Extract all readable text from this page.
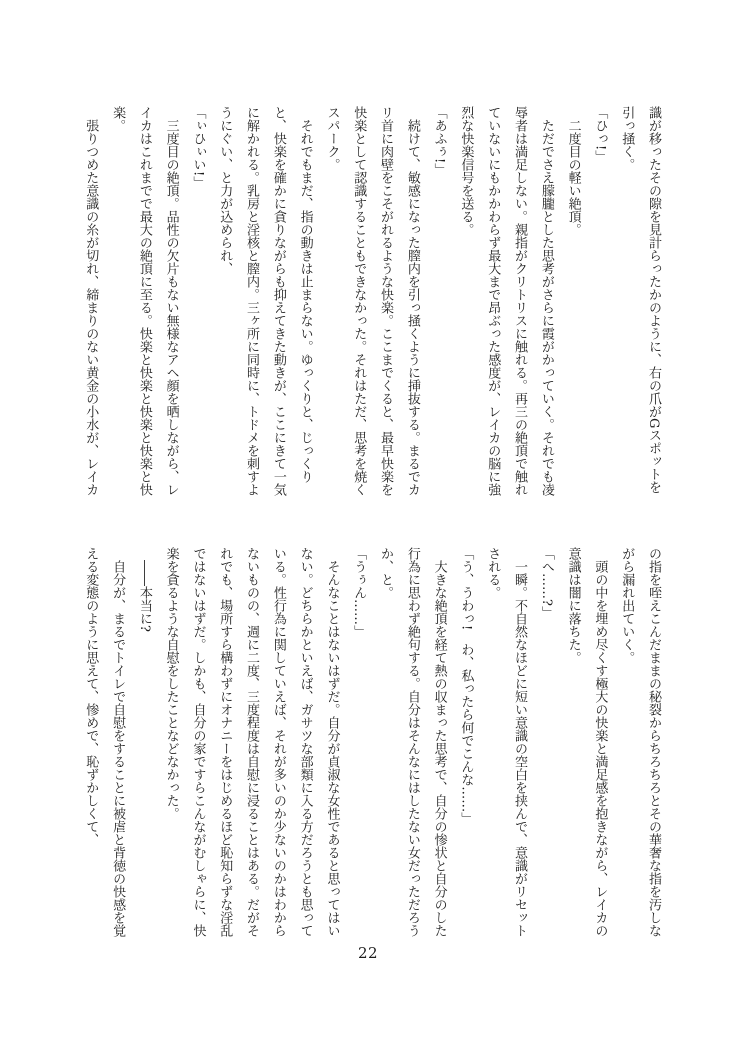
識が移ったその隙を見計らったかのように、右の爪がGスポットを

引っ掻く。

「ひっ!」

二度目の軽い絶頂。

ただでさえ朦朧とした思考がさらに霞がかっていく。それでも凌

辱者は満足しない。親指がクリトリスに触れる。再三の絶頂で触れ

ていないにもかかわらず最大まで昂ぶった感度が、レイカの脳に強

烈な快楽信号を送る。

「あふぅ!」

続けて、敏感になった膣内を引っ掻くように挿抜する。まるでカ

リ首に肉壁をこそがれるような快楽。ここまでくると、最早快楽を

快楽として認識することもできなかった。それはただ、思考を焼く

スパーク。

それでもまだ、指の動きは止まらない。ゆっくりと、じっくり

と、快楽を確かに貪りながらも抑えてきた動きが、ここにきて一気

に解かれる。乳房と淫核と膣内。三ヶ所に同時に、トドメを刺すよ

うにぐい、と力が込められ、

「ぃひぃい!」

三度目の絶頂。品性の欠片もない無様なアヘ顔を晒しながら、レ

イカはこれまでで最大の絶頂に至る。快楽と快楽と快楽と快楽と快

楽。

張りつめた意識の糸が切れ、締まりのない黄金の小水が、レイカ

の指を咥えこんだままの秘裂からちろちろとその華奢な指を汚しな

がら漏れ出ていく。

頭の中を埋め尽くす極大の快楽と満足感を抱きながら、レイカの

意識は闇に落ちた。

「へ……?」

一瞬。不自然なほどに短い意識の空白を挟んで、意識がリセット

される。

「う、うわっ!　わ、私ったら何でこんな……」

大きな絶頂を経て熱の収まった思考で、自分の惨状と自分のした

行為に思わず絶句する。自分はそんなにはしたない女だっただろう

か、と。

「うぅん……」

そんなことはないはずだ。自分が貞淑な女性であると思ってはい

ない。どちらかといえば、ガサツな部類に入る方だろうとも思って

いる。性行為に関していえば、それが多いのか少ないのかはわから

ないものの、週に二度、三度程度は自慰に浸ることはある。だがそ

れでも、場所すら構わずにオナニーをはじめるほど恥知らずな淫乱

ではないはずだ。しかも、自分の家ですらこんながむしゃらに、快

楽を貪るような自慰をしたことなどなかった。

――本当に?

自分が、まるでトイレで自慰をすることに被虐と背徳の快感を覚

える変態のように思えて、惨めで、恥ずかしくて、

22
